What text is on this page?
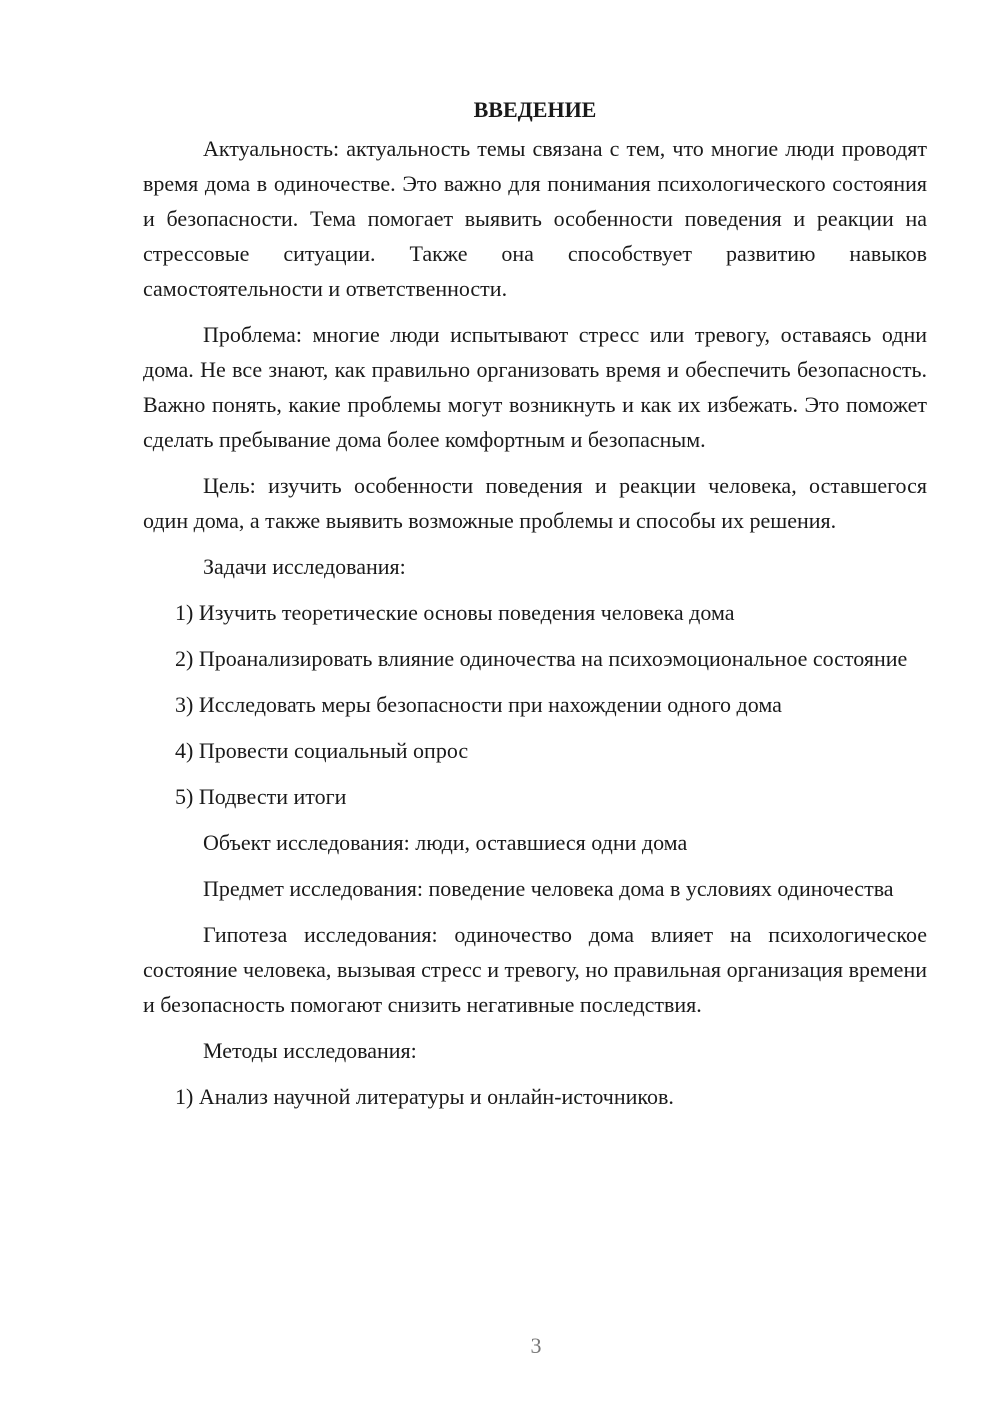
ВВЕДЕНИЕ

Актуальность: актуальность темы связана с тем, что многие люди проводят время дома в одиночестве. Это важно для понимания психологического состояния и безопасности. Тема помогает выявить особенности поведения и реакции на стрессовые ситуации. Также она способствует развитию навыков самостоятельности и ответственности.

Проблема: многие люди испытывают стресс или тревогу, оставаясь одни дома. Не все знают, как правильно организовать время и обеспечить безопасность. Важно понять, какие проблемы могут возникнуть и как их избежать. Это поможет сделать пребывание дома более комфортным и безопасным.

Цель: изучить особенности поведения и реакции человека, оставшегося один дома, а также выявить возможные проблемы и способы их решения.

Задачи исследования:

1) Изучить теоретические основы поведения человека дома

2) Проанализировать влияние одиночества на психоэмоциональное состояние

3) Исследовать меры безопасности при нахождении одного дома

4) Провести социальный опрос

5) Подвести итоги

Объект исследования: люди, оставшиеся одни дома

Предмет исследования: поведение человека дома в условиях одиночества

Гипотеза исследования: одиночество дома влияет на психологическое состояние человека, вызывая стресс и тревогу, но правильная организация времени и безопасность помогают снизить негативные последствия.

Методы исследования:

1) Анализ научной литературы и онлайн-источников.

3
